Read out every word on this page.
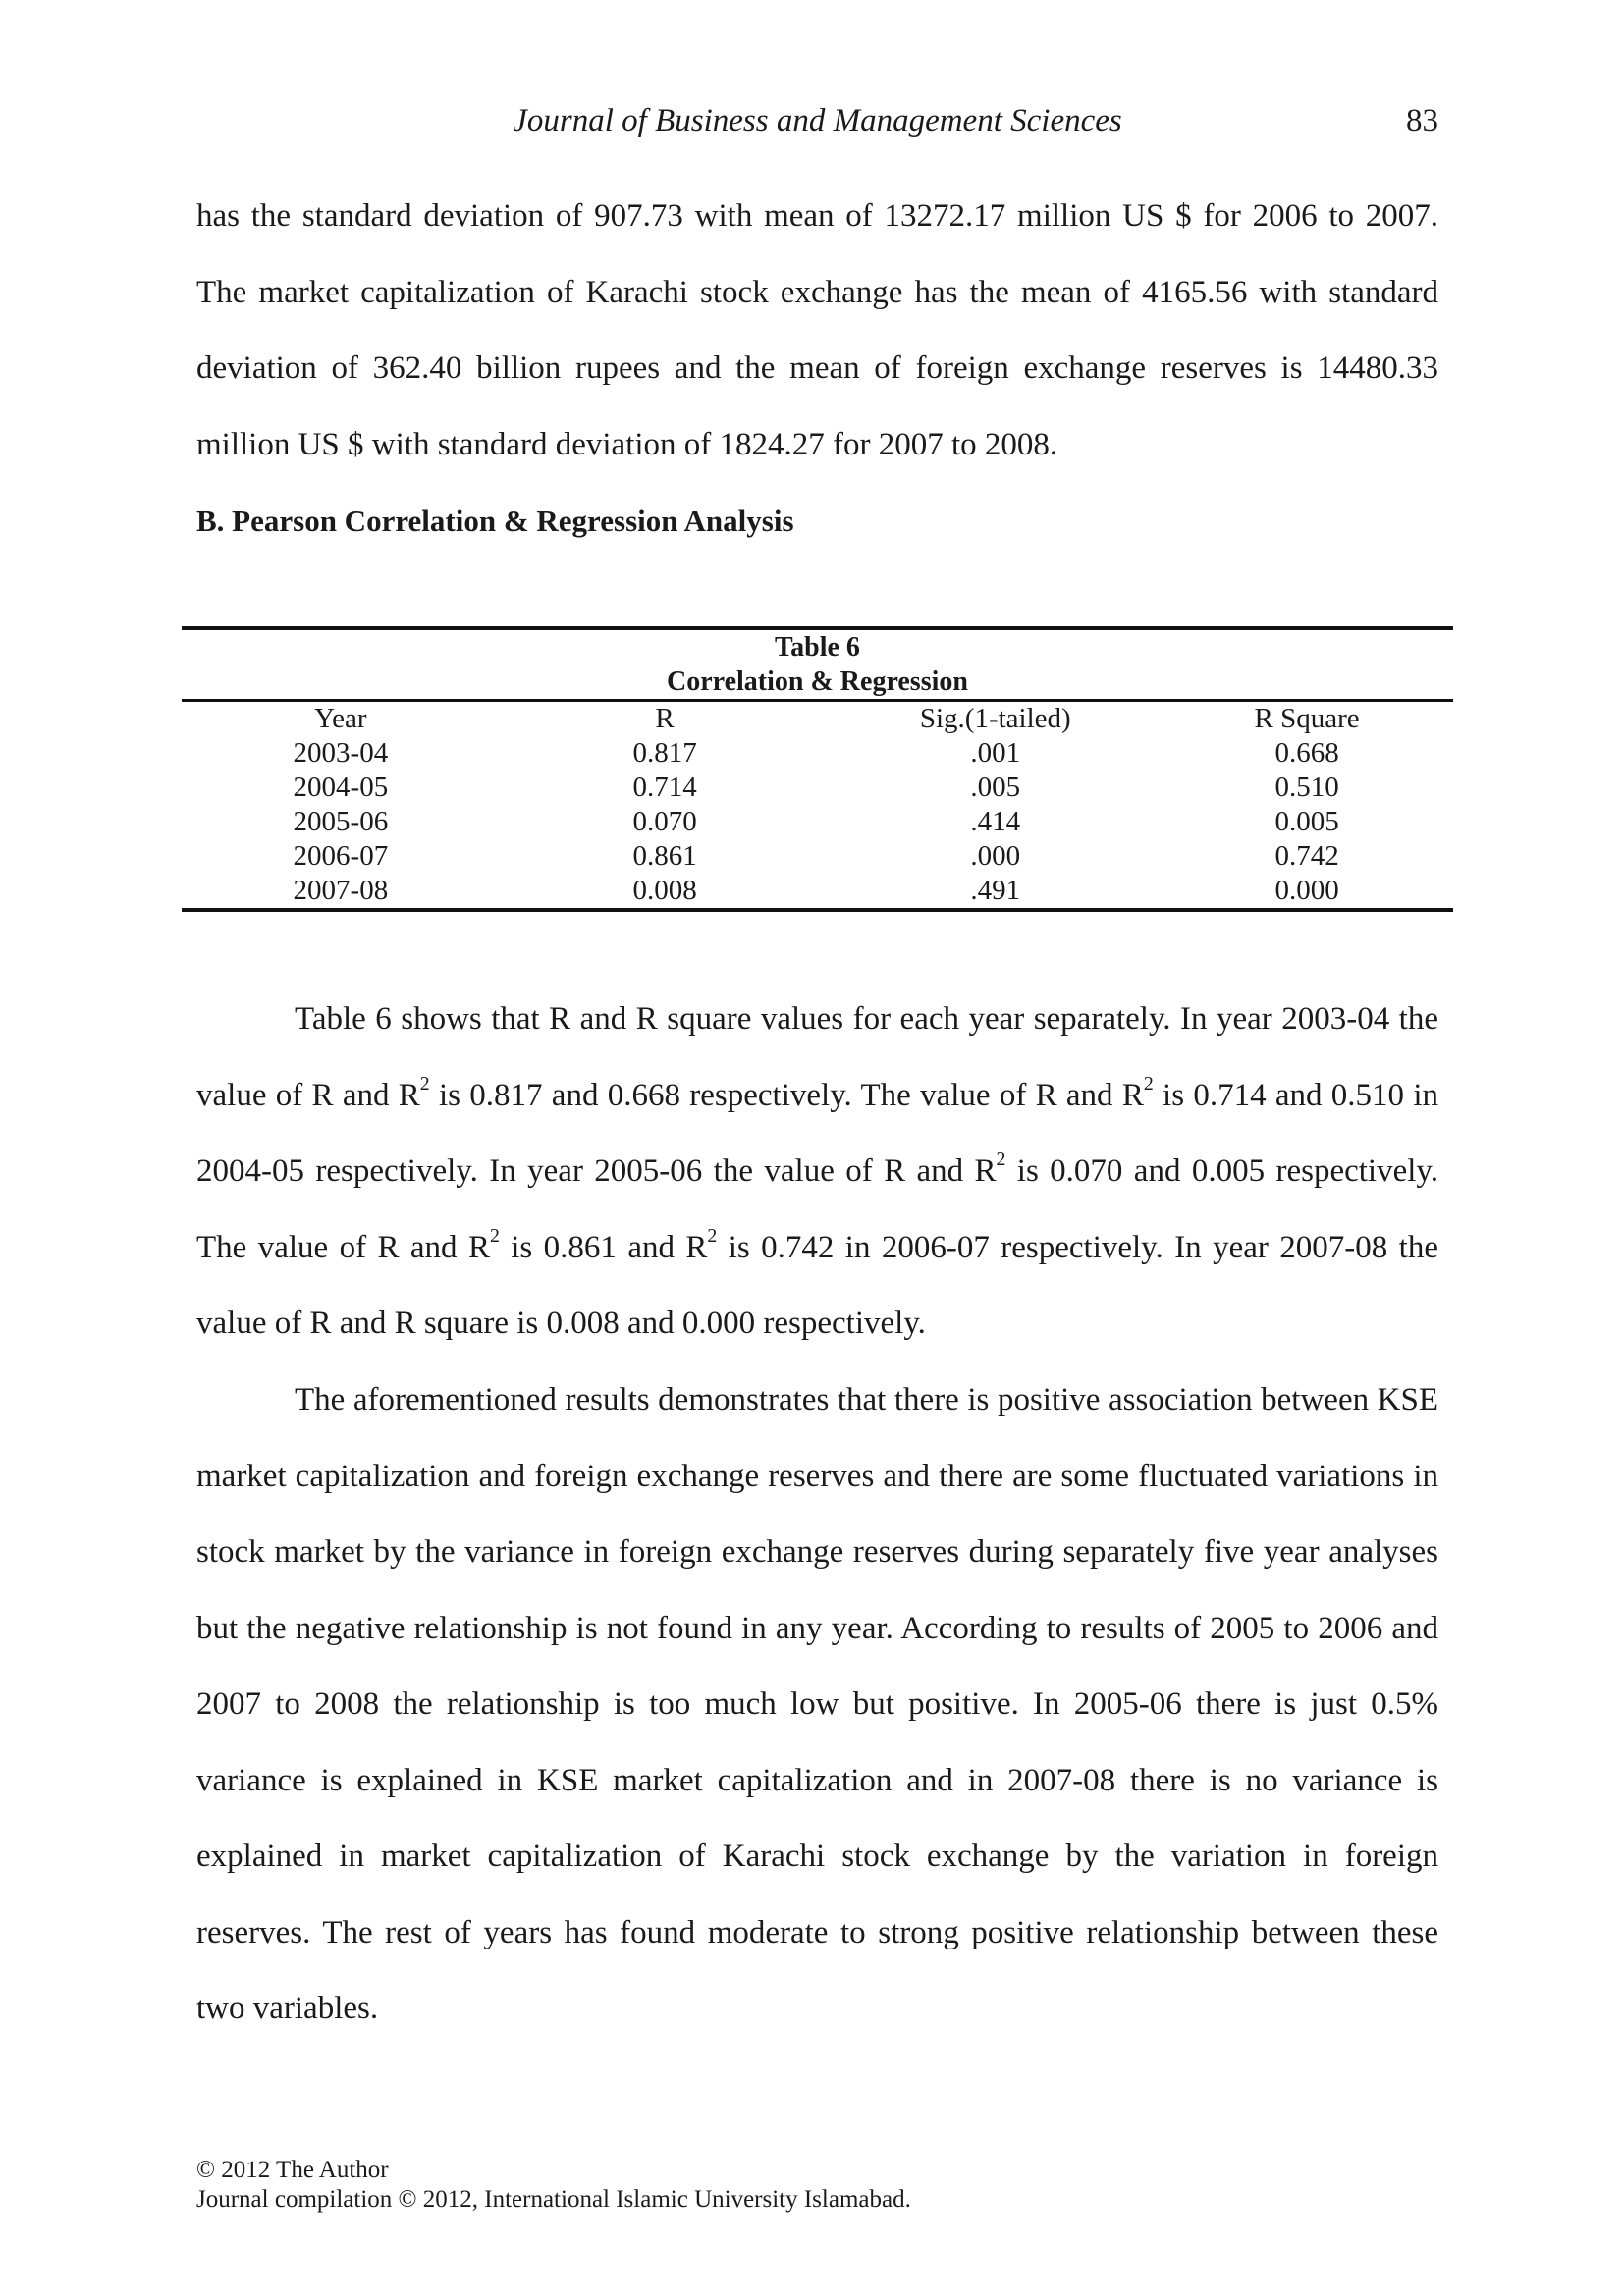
Journal of Business and Management Sciences	83

has the standard deviation of 907.73 with mean of 13272.17 million US $ for 2006 to 2007. The market capitalization of Karachi stock exchange has the mean of 4165.56 with standard deviation of 362.40 billion rupees and the mean of foreign exchange reserves is 14480.33 million US $ with standard deviation of 1824.27 for 2007 to 2008.

B. Pearson Correlation & Regression Analysis
Table 6
Correlation & Regression
Year	R	Sig.(1-tailed)	R Square
2003-04	0.817	.001	0.668
2004-05	0.714	.005	0.510
2005-06	0.070	.414	0.005
2006-07	0.861	.000	0.742
2007-08	0.008	.491	0.000

Table 6 shows that R and R square values for each year separately. In year 2003-04 the value of R and $R^2$ is 0.817 and 0.668 respectively. The value of R and $R^2$ is 0.714 and 0.510 in 2004-05 respectively. In year 2005-06 the value of R and $R^2$ is 0.070 and 0.005 respectively. The value of R and $R^2$ is 0.861 and $R^2$ is 0.742 in 2006-07 respectively. In year 2007-08 the value of R and R square is 0.008 and 0.000 respectively.

The aforementioned results demonstrates that there is positive association between KSE market capitalization and foreign exchange reserves and there are some fluctuated variations in stock market by the variance in foreign exchange reserves during separately five year analyses but the negative relationship is not found in any year. According to results of 2005 to 2006 and 2007 to 2008 the relationship is too much low but positive. In 2005-06 there is just 0.5% variance is explained in KSE market capitalization and in 2007-08 there is no variance is explained in market capitalization of Karachi stock exchange by the variation in foreign reserves. The rest of years has found moderate to strong positive relationship between these two variables.

© 2012 The Author
Journal compilation © 2012, International Islamic University Islamabad.
